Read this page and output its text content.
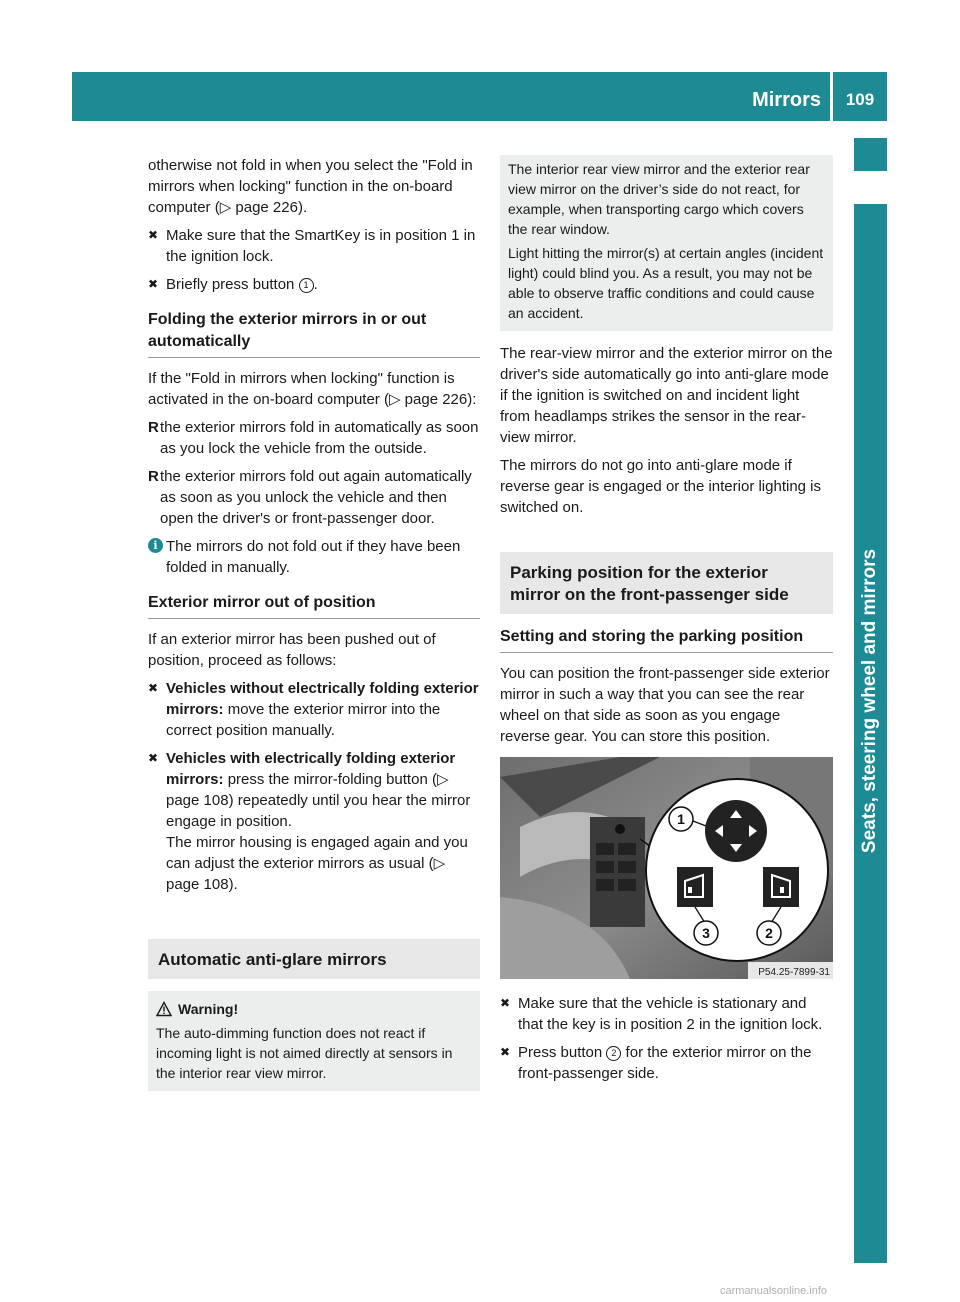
Mirrors	109
Seats, steering wheel and mirrors

otherwise not fold in when you select the "Fold in mirrors when locking" function in the on-board computer (▷ page 226).

✖ Make sure that the SmartKey is in position 1 in the ignition lock.
✖ Briefly press button 1 .
Folding the exterior mirrors in or out automatically

If the "Fold in mirrors when locking" function is activated in the on-board computer (▷ page 226):

R the exterior mirrors fold in automatically as soon as you lock the vehicle from the outside.
R the exterior mirrors fold out again automatically as soon as you unlock the vehicle and then open the driver's or front-passenger door.
i The mirrors do not fold out if they have been folded in manually.
Exterior mirror out of position

If an exterior mirror has been pushed out of position, proceed as follows:

✖ Vehicles without electrically folding exterior mirrors: move the exterior mirror into the correct position manually.
✖ Vehicles with electrically folding exterior mirrors: press the mirror-folding button (▷ page 108) repeatedly until you hear the mirror engage in position.
The mirror housing is engaged again and you can adjust the exterior mirrors as usual (▷ page 108).
Automatic anti-glare mirrors
Warning!
The auto-dimming function does not react if incoming light is not aimed directly at sensors in the interior rear view mirror.
The interior rear view mirror and the exterior rear view mirror on the driver’s side do not react, for example, when transporting cargo which covers the rear window.
Light hitting the mirror(s) at certain angles (incident light) could blind you. As a result, you may not be able to observe traffic conditions and could cause an accident.

The rear-view mirror and the exterior mirror on the driver's side automatically go into anti-glare mode if the ignition is switched on and incident light from headlamps strikes the sensor in the rear-view mirror.

The mirrors do not go into anti-glare mode if reverse gear is engaged or the interior lighting is switched on.

Parking position for the exterior mirror on the front-passenger side
Setting and storing the parking position

You can position the front-passenger side exterior mirror in such a way that you can see the rear wheel on that side as soon as you engage reverse gear. You can store this position.

1
3	2
P54.25-7899-31
✖ Make sure that the vehicle is stationary and that the key is in position 2 in the ignition lock.
✖ Press button 2 for the exterior mirror on the front-passenger side.
carmanualsonline.info
